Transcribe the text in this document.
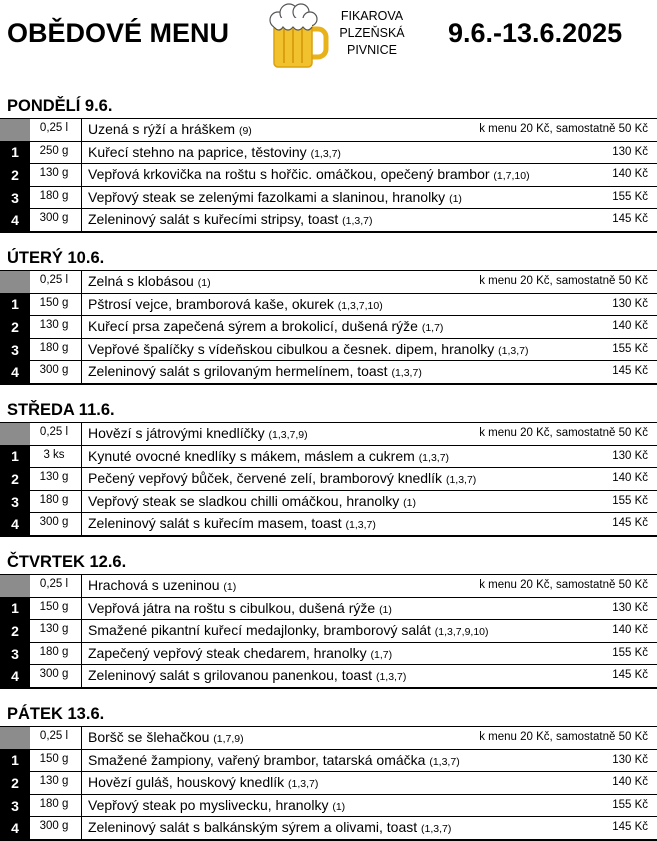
OBĚDOVÉ MENU
FIKAROVA
PLZEŇSKÁ
PIVNICE
9.6.-13.6.2025
PONDĚLÍ 9.6.
0,25 l	Uzená s rýží a hráškem (9)	k menu 20 Kč, samostatně 50 Kč
1	250 g	Kuřecí stehno na paprice, těstoviny (1,3,7)	130 Kč
2	130 g	Vepřová krkovička na roštu s hořčic. omáčkou, opečený brambor (1,7,10)	140 Kč
3	180 g	Vepřový steak se zelenými fazolkami a slaninou, hranolky (1)	155 Kč
4	300 g	Zeleninový salát s kuřecími stripsy, toast (1,3,7)	145 Kč
ÚTERÝ 10.6.
0,25 l	Zelná s klobásou (1)	k menu 20 Kč, samostatně 50 Kč
1	150 g	Pštrosí vejce, bramborová kaše, okurek (1,3,7,10)	130 Kč
2	130 g	Kuřecí prsa zapečená sýrem a brokolicí, dušená rýže (1,7)	140 Kč
3	180 g	Vepřové špalíčky s vídeňskou cibulkou a česnek. dipem, hranolky (1,3,7)	155 Kč
4	300 g	Zeleninový salát s grilovaným hermelínem, toast (1,3,7)	145 Kč
STŘEDA 11.6.
0,25 l	Hovězí s játrovými knedlíčky (1,3,7,9)	k menu 20 Kč, samostatně 50 Kč
1	3 ks	Kynuté ovocné knedlíky s mákem, máslem a cukrem (1,3,7)	130 Kč
2	130 g	Pečený vepřový bůček, červené zelí, bramborový knedlík (1,3,7)	140 Kč
3	180 g	Vepřový steak se sladkou chilli omáčkou, hranolky (1)	155 Kč
4	300 g	Zeleninový salát s kuřecím masem, toast (1,3,7)	145 Kč
ČTVRTEK 12.6.
0,25 l	Hrachová s uzeninou (1)	k menu 20 Kč, samostatně 50 Kč
1	150 g	Vepřová játra na roštu s cibulkou, dušená rýže (1)	130 Kč
2	130 g	Smažené pikantní kuřecí medajlonky, bramborový salát (1,3,7,9,10)	140 Kč
3	180 g	Zapečený vepřový steak chedarem, hranolky (1,7)	155 Kč
4	300 g	Zeleninový salát s grilovanou panenkou, toast (1,3,7)	145 Kč
PÁTEK 13.6.
0,25 l	Boršč se šlehačkou (1,7,9)	k menu 20 Kč, samostatně 50 Kč
1	150 g	Smažené žampiony, vařený brambor, tatarská omáčka (1,3,7)	130 Kč
2	130 g	Hovězí guláš, houskový knedlík (1,3,7)	140 Kč
3	180 g	Vepřový steak po myslivecku, hranolky (1)	155 Kč
4	300 g	Zeleninový salát s balkánským sýrem a olivami, toast (1,3,7)	145 Kč
